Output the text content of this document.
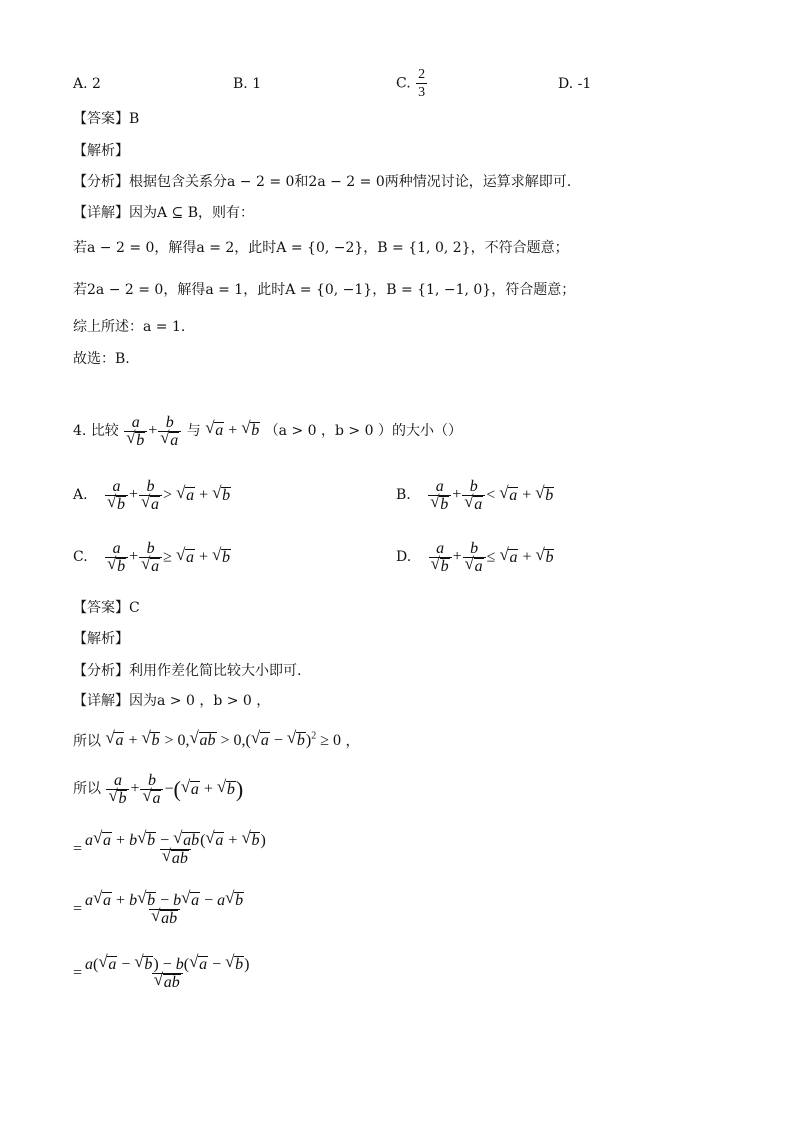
A. 2	B. 1	C. $\frac{2}{3}$	D. -1
【答案】B
【解析】
【分析】根据包含关系分a − 2 = 0和2a − 2 = 0两种情况讨论，运算求解即可.
【详解】因为A ⊆ B，则有：
若a − 2 = 0，解得a = 2，此时A = {0, −2}，B = {1, 0, 2}，不符合题意；
若2a − 2 = 0，解得a = 1，此时A = {0, −1}，B = {1, −1, 0}，符合题意；
综上所述：a = 1.
故选：B.
4. 比较 a
√ b + b
√ a 与 √ a + √ b （a > 0 ，b > 0 ）的大小（）
A. a
√ b + b
√ a > √ a + √ b	B. a
√ b + b
√ a < √ a + √ b
C. a
√ b + b
√ a ≥ √ a + √ b	D. a
√ b + b
√ a ≤ √ a + √ b
【答案】C
【解析】
【分析】利用作差化简比较大小即可.
【详解】因为a > 0 ，b > 0 ，
所以 √ a + √ b > 0, √ ab > 0,( √ a − √ b)$^2$ ≥ 0 ，
所以 a
√ b + b
√ a −( √ a + √ b)
= a √ a + b √ b − √ ab( √ a + √ b)
√ ab
= a √ a + b √ b − b √ a − a √ b
√ ab
= a( √ a − √ b) − b( √ a − √ b)
√ ab
